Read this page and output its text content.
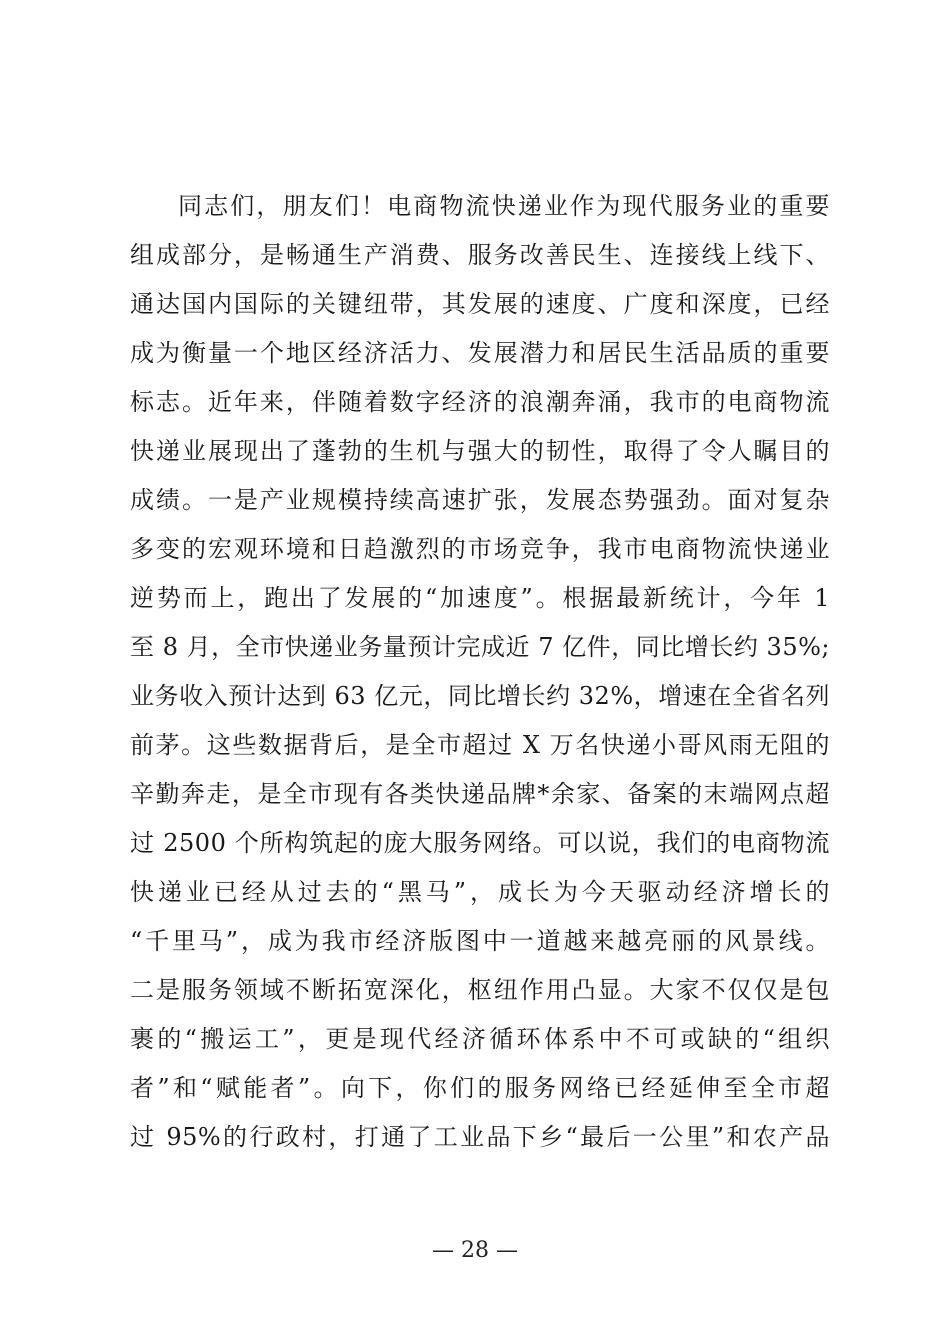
同志们，朋友们！电商物流快递业作为现代服务业的重要
组成部分，是畅通生产消费、服务改善民生、连接线上线下、
通达国内国际的关键纽带，其发展的速度、广度和深度，已经
成为衡量一个地区经济活力、发展潜力和居民生活品质的重要
标志。近年来，伴随着数字经济的浪潮奔涌，我市的电商物流
快递业展现出了蓬勃的生机与强大的韧性，取得了令人瞩目的
成绩。一是产业规模持续高速扩张，发展态势强劲。面对复杂
多变的宏观环境和日趋激烈的市场竞争，我市电商物流快递业
逆势而上，跑出了发展的“加速度”。根据最新统计，今年 1
至 8 月，全市快递业务量预计完成近 7 亿件，同比增长约 35%;
业务收入预计达到 63 亿元，同比增长约 32%，增速在全省名列
前茅。这些数据背后，是全市超过 X 万名快递小哥风雨无阻的
辛勤奔走，是全市现有各类快递品牌*余家、备案的末端网点超
过 2500 个所构筑起的庞大服务网络。可以说，我们的电商物流
快递业已经从过去的“黑马”，成长为今天驱动经济增长的
“千里马”，成为我市经济版图中一道越来越亮丽的风景线。
二是服务领域不断拓宽深化，枢纽作用凸显。大家不仅仅是包
裹的“搬运工”，更是现代经济循环体系中不可或缺的“组织
者”和“赋能者”。向下，你们的服务网络已经延伸至全市超
过 95%的行政村，打通了工业品下乡“最后一公里”和农产品
— 28 —
